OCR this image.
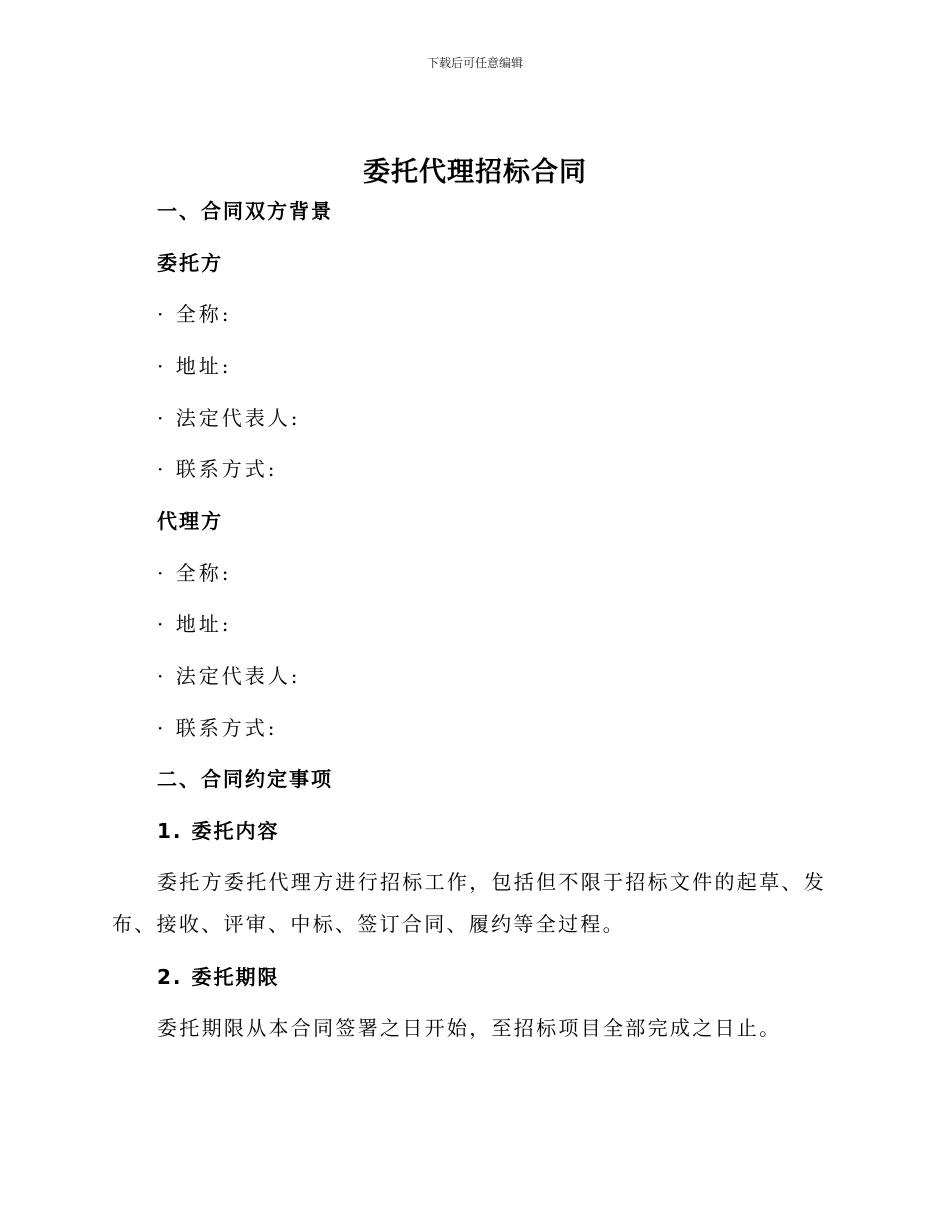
下载后可任意编辑
委托代理招标合同
一、合同双方背景
委托方
· 全称:
· 地址:
· 法定代表人:
· 联系方式:
代理方
· 全称:
· 地址:
· 法定代表人:
· 联系方式:
二、合同约定事项
1. 委托内容
委托方委托代理方进行招标工作，包括但不限于招标文件的起草、发布、接收、评审、中标、签订合同、履约等全过程。
2. 委托期限
委托期限从本合同签署之日开始，至招标项目全部完成之日止。
